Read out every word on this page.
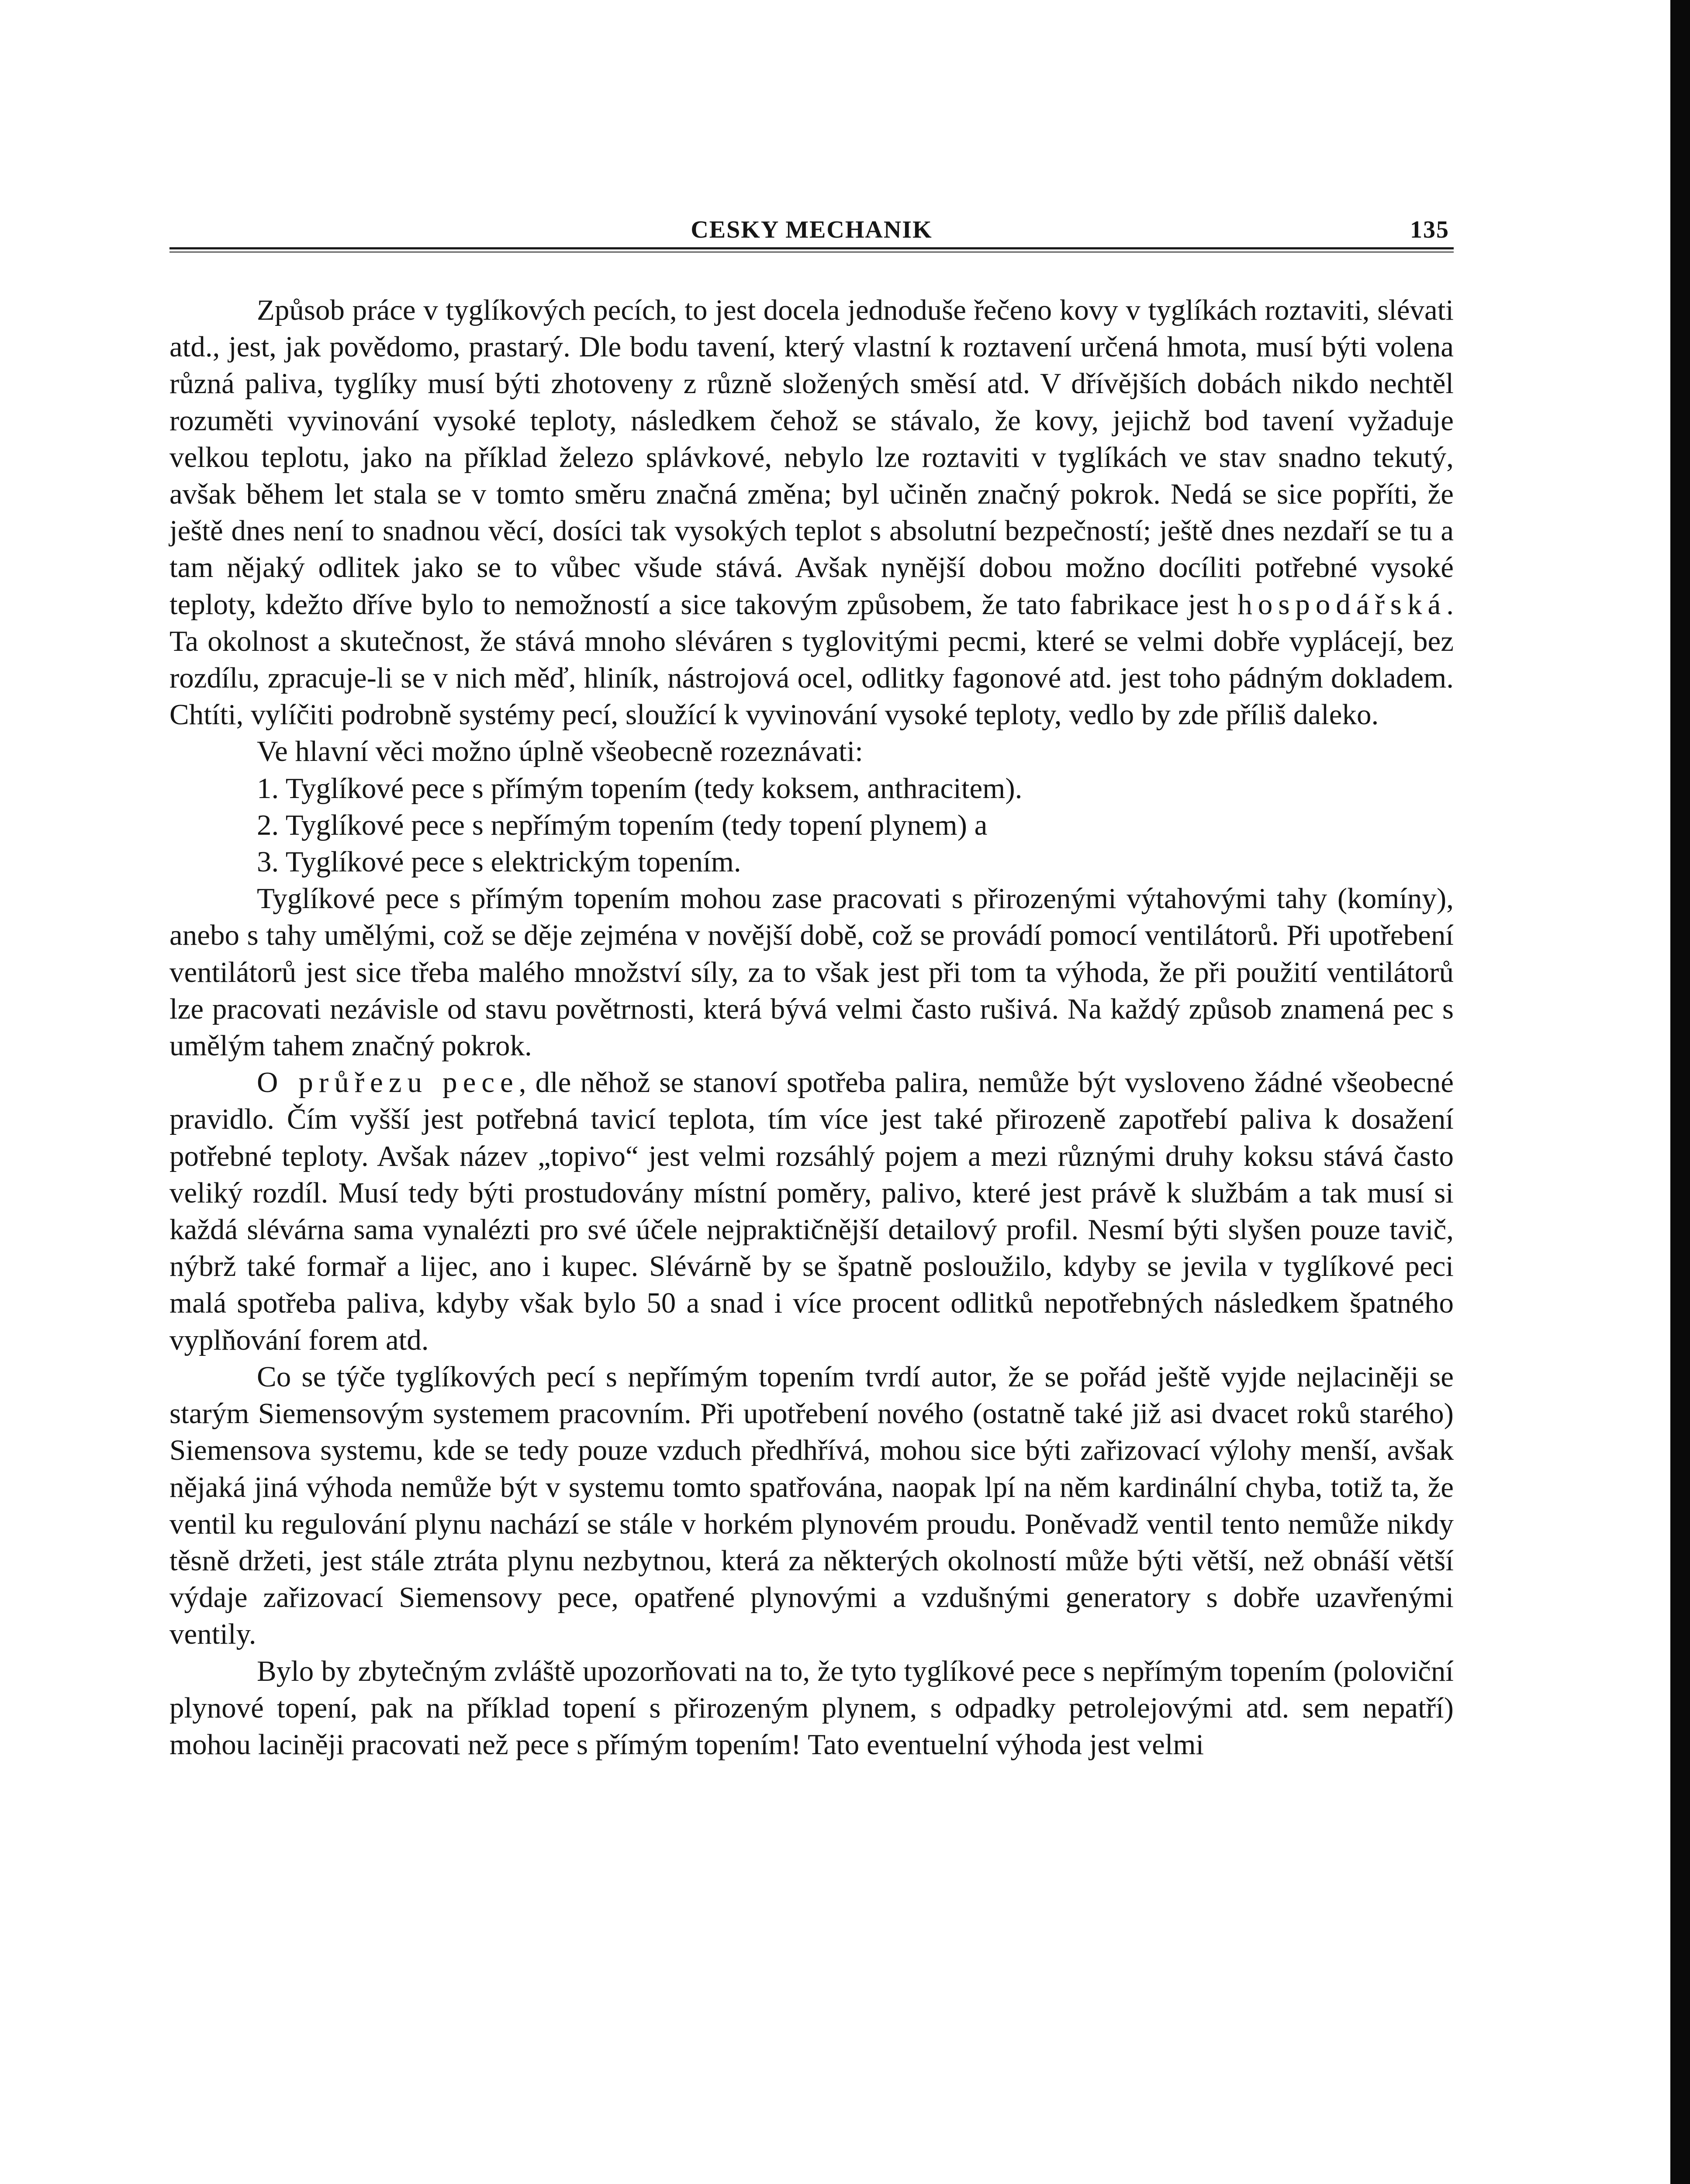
CESKY MECHANIK	135

Způsob práce v tyglíkových pecích, to jest docela jednoduše řečeno kovy v tyglíkách roztaviti, slévati atd., jest, jak povědomo, prastarý. Dle bodu tavení, který vlastní k roztavení určená hmota, musí býti volena různá paliva, tyglíky musí býti zhotoveny z různě složených směsí atd. V dřívějších dobách nikdo nechtěl rozuměti vyvinování vysoké teploty, následkem čehož se stávalo, že kovy, jejichž bod tavení vyžaduje velkou teplotu, jako na příklad železo splávkové, nebylo lze roztaviti v tyglíkách ve stav snadno tekutý, avšak během let stala se v tomto směru značná změna; byl učiněn značný pokrok. Nedá se sice popříti, že ještě dnes není to snadnou věcí, dosíci tak vysokých teplot s absolutní bezpečností; ještě dnes nezdaří se tu a tam nějaký odlitek jako se to vůbec všude stává. Avšak nynější dobou možno docíliti potřebné vysoké teploty, kdežto dříve bylo to nemožností a sice takovým způsobem, že tato fabrikace jest hospodářská. Ta okolnost a skutečnost, že stává mnoho sléváren s tyglovitými pecmi, které se velmi dobře vyplácejí, bez rozdílu, zpracuje-li se v nich měď, hliník, nástrojová ocel, odlitky fagonové atd. jest toho pádným dokladem. Chtíti, vylíčiti podrobně systémy pecí, sloužící k vyvinování vysoké teploty, vedlo by zde příliš daleko.

Ve hlavní věci možno úplně všeobecně rozeznávati:

1. Tyglíkové pece s přímým topením (tedy koksem, anthracitem).
2. Tyglíkové pece s nepřímým topením (tedy topení plynem) a
3. Tyglíkové pece s elektrickým topením.

Tyglíkové pece s přímým topením mohou zase pracovati s přirozenými výtahovými tahy (komíny), anebo s tahy umělými, což se děje zejména v novější době, což se provádí pomocí ventilátorů. Při upotřebení ventilátorů jest sice třeba malého množství síly, za to však jest při tom ta výhoda, že při použití ventilátorů lze pracovati nezávisle od stavu povětrnosti, která bývá velmi často rušivá. Na každý způsob znamená pec s umělým tahem značný pokrok.

O průřezu pece, dle něhož se stanoví spotřeba palira, nemůže být vysloveno žádné všeobecné pravidlo. Čím vyšší jest potřebná tavicí teplota, tím více jest také přirozeně zapotřebí paliva k dosažení potřebné teploty. Avšak název „topivo“ jest velmi rozsáhlý pojem a mezi různými druhy koksu stává často veliký rozdíl. Musí tedy býti prostudovány místní poměry, palivo, které jest právě k službám a tak musí si každá slévárna sama vynalézti pro své účele nejpraktičnější detailový profil. Nesmí býti slyšen pouze tavič, nýbrž také formař a lijec, ano i kupec. Slévárně by se špatně posloužilo, kdyby se jevila v tyglíkové peci malá spotřeba paliva, kdyby však bylo 50 a snad i více procent odlitků nepotřebných následkem špatného vyplňování forem atd.

Co se týče tyglíkových pecí s nepřímým topením tvrdí autor, že se pořád ještě vyjde nejlaciněji se starým Siemensovým systemem pracovním. Při upotřebení nového (ostatně také již asi dvacet roků starého) Siemensova systemu, kde se tedy pouze vzduch předhřívá, mohou sice býti zařizovací výlohy menší, avšak nějaká jiná výhoda nemůže být v systemu tomto spatřována, naopak lpí na něm kardinální chyba, totiž ta, že ventil ku regulování plynu nachází se stále v horkém plynovém proudu. Poněvadž ventil tento nemůže nikdy těsně držeti, jest stále ztráta plynu nezbytnou, která za některých okolností může býti větší, než obnáší větší výdaje zařizovací Siemensovy pece, opatřené plynovými a vzdušnými generatory s dobře uzavřenými ventily.

Bylo by zbytečným zvláště upozorňovati na to, že tyto tyglíkové pece s nepřímým topením (poloviční plynové topení, pak na příklad topení s přirozeným plynem, s odpadky petrolejovými atd. sem nepatří) mohou laciněji pracovati než pece s přímým topením! Tato eventuelní výhoda jest velmi
